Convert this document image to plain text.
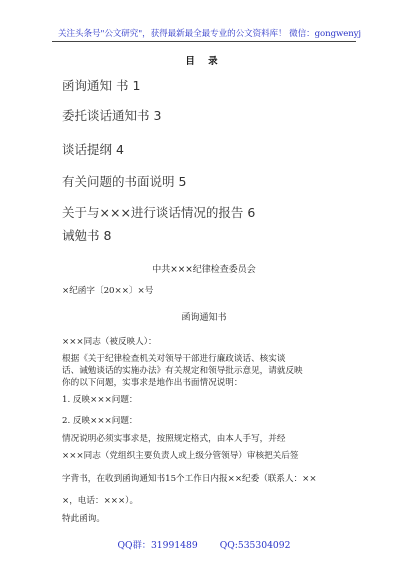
关注头条号"公文研究"，获得最新最全最专业的公文资料库！ 微信：gongwenyj
目 录
函询通知 书 1
委托谈话通知书 3
谈话提纲 4
有关问题的书面说明 5
关于与×××进行谈话情况的报告 6
诫勉书 8
中共×××纪律检查委员会
×纪函字〔20××〕×号
函询通知书
×××同志（被反映人）：
根据《关于纪律检查机关对领导干部进行廉政谈话、核实谈
话、诫勉谈话的实施办法》有关规定和领导批示意见，请就反映
你的以下问题，实事求是地作出书面情况说明：
1. 反映×××问题：
2. 反映×××问题：
情况说明必须实事求是，按照规定格式，由本人手写，并经
×××同志（党组织主要负责人或上级分管领导）审核把关后签
字背书，在收到函询通知书15个工作日内报××纪委（联系人：××
×，电话：×××）。
特此函询。
QQ群：31991489 QQ:535304092
